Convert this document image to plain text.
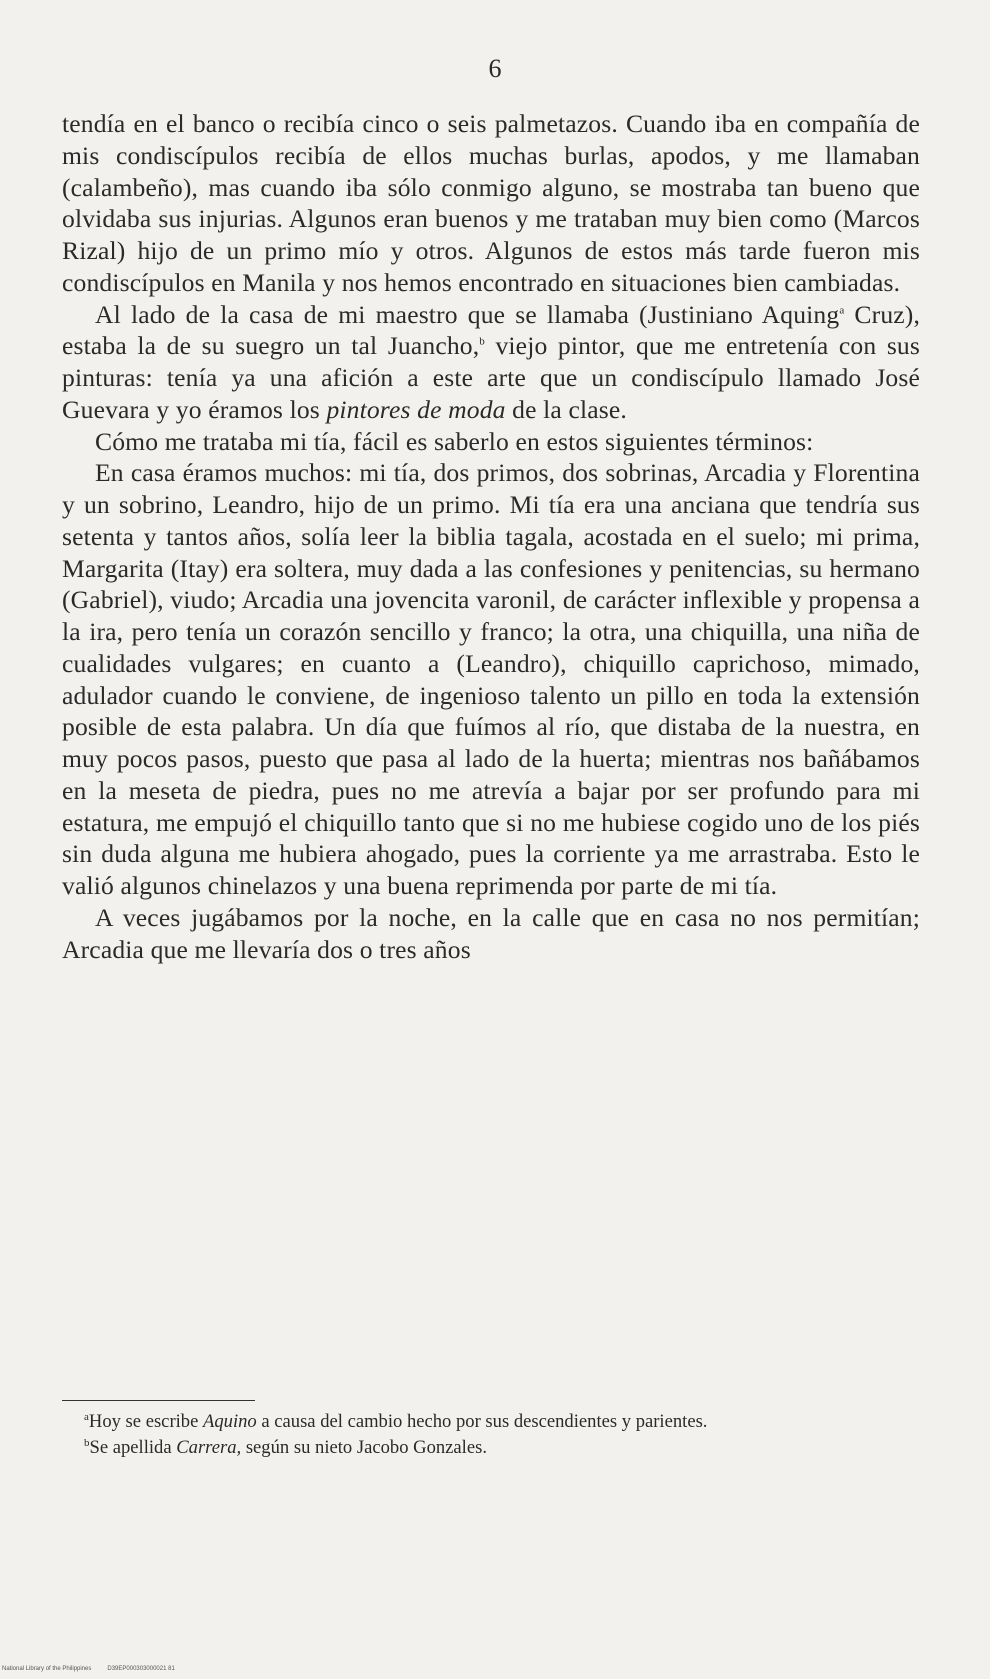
6

tendía en el banco o recibía cinco o seis palmetazos. Cuando iba en compañía de mis condiscípulos recibía de ellos muchas burlas, apodos, y me llamaban (calambeño), mas cuando iba sólo conmigo alguno, se mostraba tan bueno que olvidaba sus injurias. Algunos eran buenos y me trataban muy bien como (Marcos Rizal) hijo de un primo mío y otros. Algunos de estos más tarde fueron mis condiscípulos en Manila y nos hemos encontrado en situaciones bien cambiadas.

Al lado de la casa de mi maestro que se llamaba (Justiniano Aquing$^a$ Cruz), estaba la de su suegro un tal Juancho,$^b$ viejo pintor, que me entretenía con sus pinturas: tenía ya una afición a este arte que un condiscípulo llamado José Guevara y yo éramos los pintores de moda de la clase.

Cómo me trataba mi tía, fácil es saberlo en estos siguientes términos:

En casa éramos muchos: mi tía, dos primos, dos sobrinas, Arcadia y Florentina y un sobrino, Leandro, hijo de un primo. Mi tía era una anciana que tendría sus setenta y tantos años, solía leer la biblia tagala, acostada en el suelo; mi prima, Margarita (Itay) era soltera, muy dada a las confesiones y penitencias, su hermano (Gabriel), viudo; Arcadia una jovencita varonil, de carácter inflexible y propensa a la ira, pero tenía un corazón sencillo y franco; la otra, una chiquilla, una niña de cualidades vulgares; en cuanto a (Leandro), chiquillo caprichoso, mimado, adulador cuando le conviene, de ingenioso talento un pillo en toda la extensión posible de esta palabra. Un día que fuímos al río, que distaba de la nuestra, en muy pocos pasos, puesto que pasa al lado de la huerta; mientras nos bañábamos en la meseta de piedra, pues no me atrevía a bajar por ser profundo para mi estatura, me empujó el chiquillo tanto que si no me hubiese cogido uno de los piés sin duda alguna me hubiera ahogado, pues la corriente ya me arrastraba. Esto le valió algunos chinelazos y una buena reprimenda por parte de mi tía.

A veces jugábamos por la noche, en la calle que en casa no nos permitían; Arcadia que me llevaría dos o tres años

$^a$Hoy se escribe Aquino a causa del cambio hecho por sus descendientes y parientes.

$^b$Se apellida Carrera, según su nieto Jacobo Gonzales.

National Library of the Philippines	D39EP000303000021 81
